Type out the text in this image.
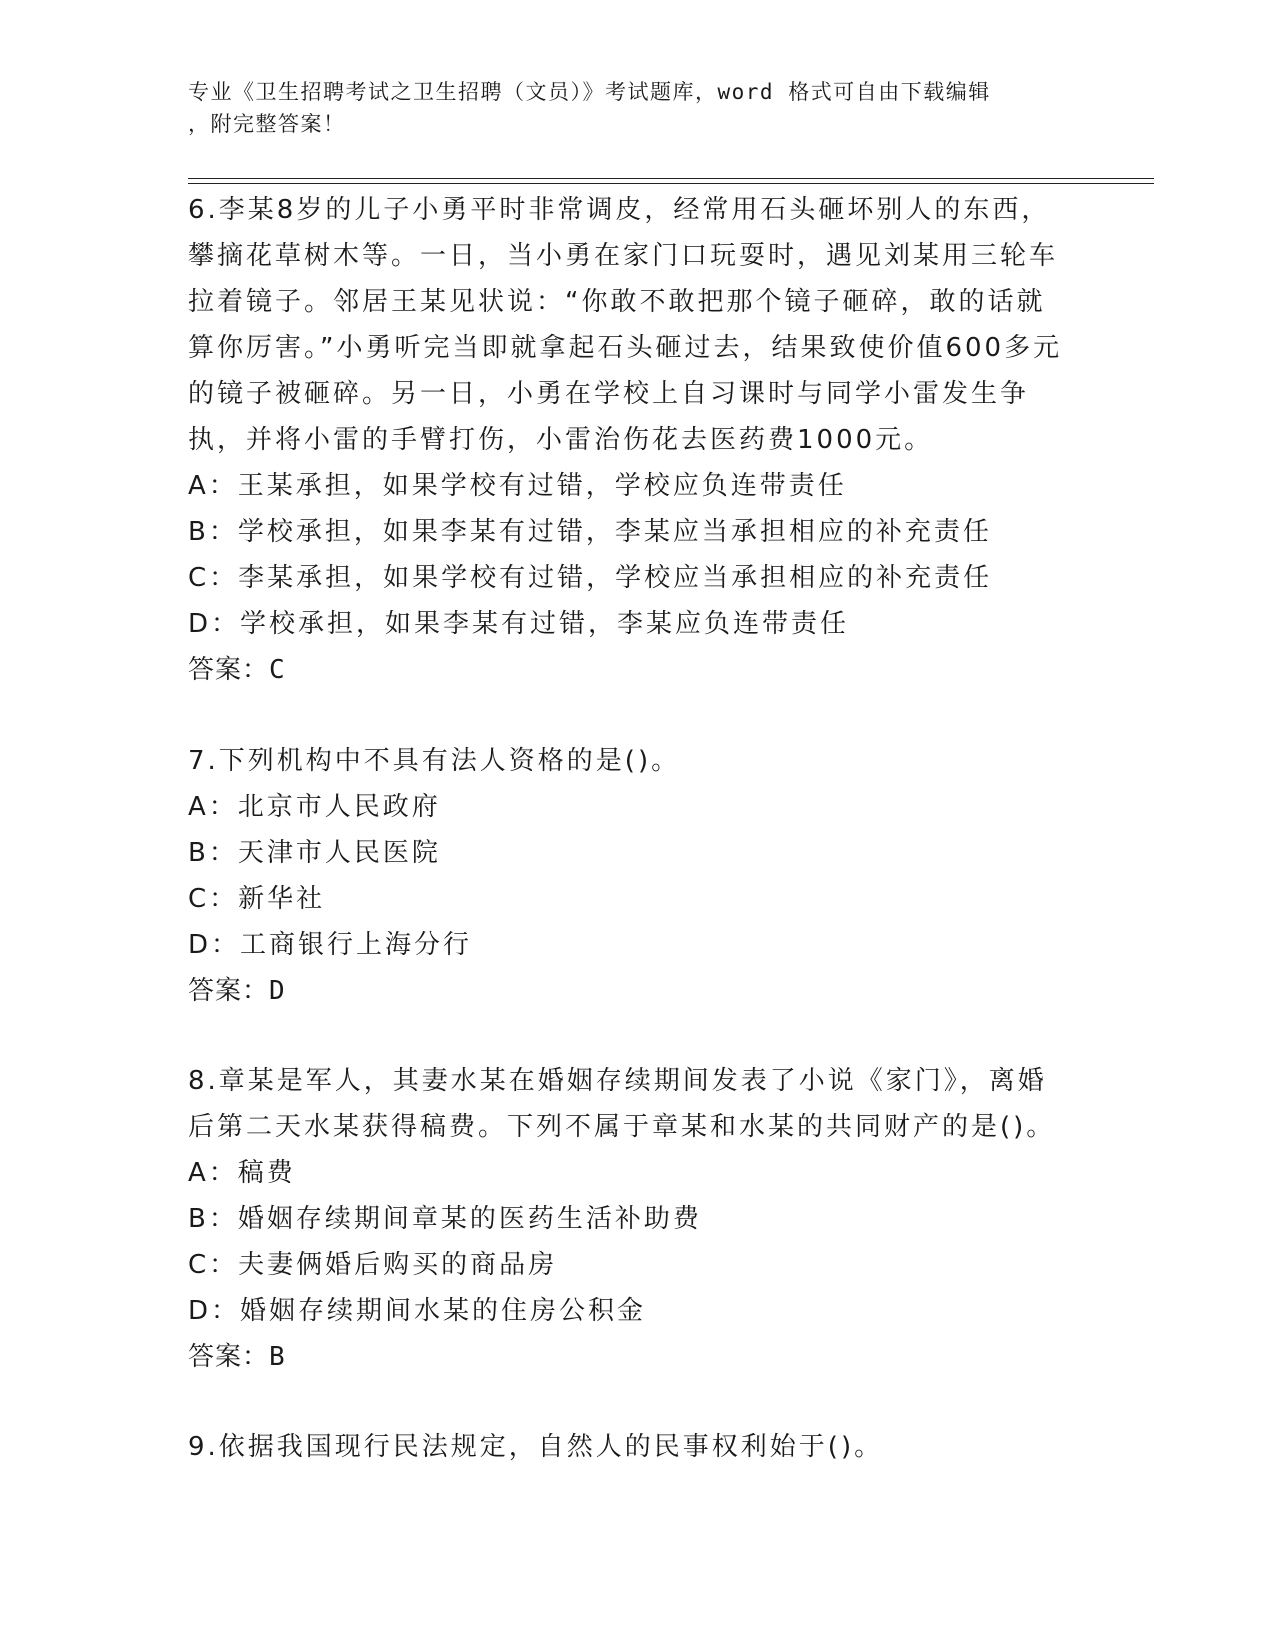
专业《卫生招聘考试之卫生招聘（文员）》考试题库，word 格式可自由下载编辑
，附完整答案！

6.李某8岁的儿子小勇平时非常调皮，经常用石头砸坏别人的东西，攀摘花草树木等。一日，当小勇在家门口玩耍时，遇见刘某用三轮车拉着镜子。邻居王某见状说：“你敢不敢把那个镜子砸碎，敢的话就算你厉害。”小勇听完当即就拿起石头砸过去，结果致使价值600多元的镜子被砸碎。另一日，小勇在学校上自习课时与同学小雷发生争执，并将小雷的手臂打伤，小雷治伤花去医药费1000元。

A：王某承担，如果学校有过错，学校应负连带责任
B：学校承担，如果李某有过错，李某应当承担相应的补充责任
C：李某承担，如果学校有过错，学校应当承担相应的补充责任
D：学校承担，如果李某有过错，李某应负连带责任
答案：C

7.下列机构中不具有法人资格的是()。

A：北京市人民政府
B：天津市人民医院
C：新华社
D：工商银行上海分行
答案：D

8.章某是军人，其妻水某在婚姻存续期间发表了小说《家门》，离婚后第二天水某获得稿费。下列不属于章某和水某的共同财产的是()。

A：稿费
B：婚姻存续期间章某的医药生活补助费
C：夫妻俩婚后购买的商品房
D：婚姻存续期间水某的住房公积金
答案：B

9.依据我国现行民法规定，自然人的民事权利始于()。
